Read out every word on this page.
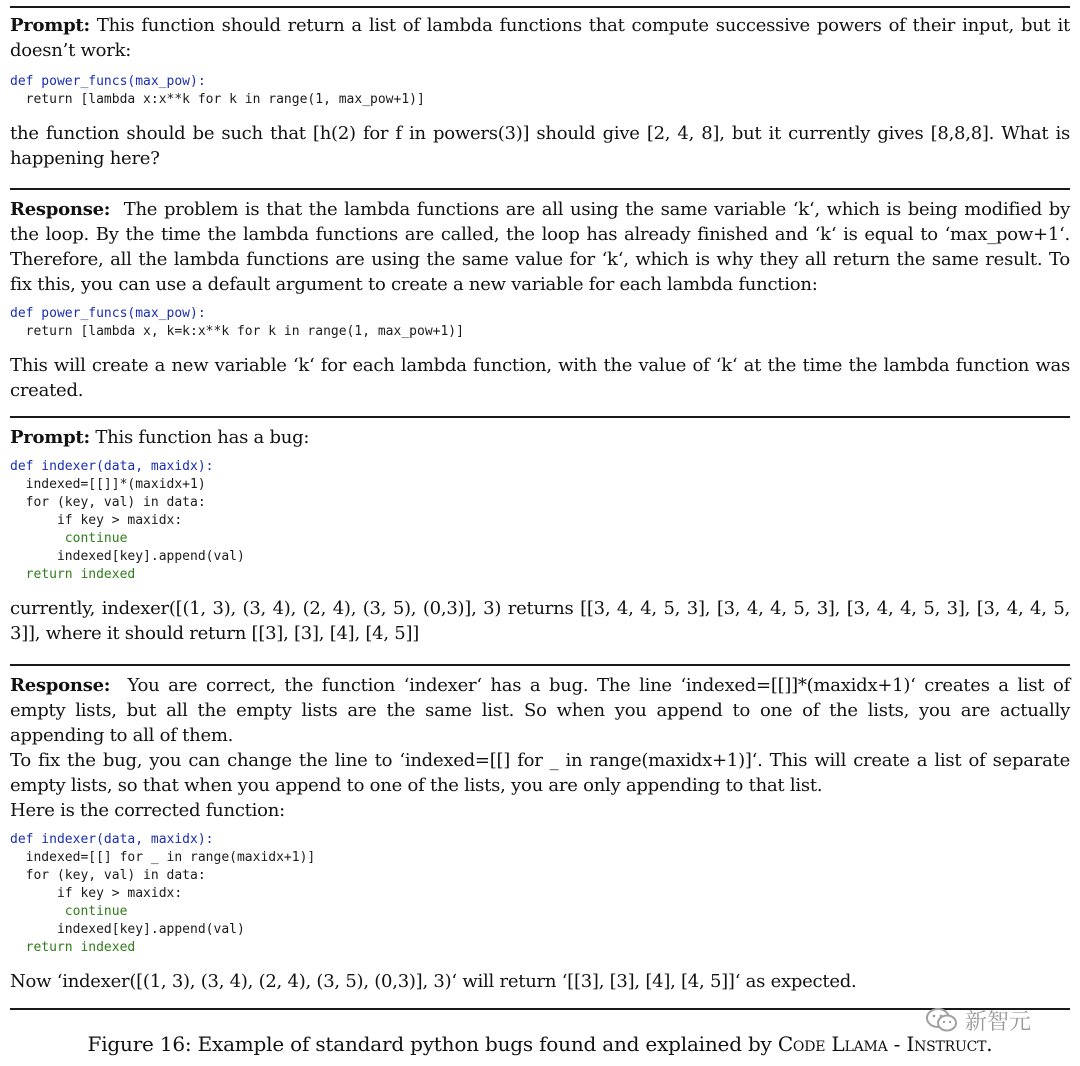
Prompt: This function should return a list of lambda functions that compute successive powers of their input, but it doesn’t work:

def power_funcs(max_pow):
return [lambda x:x**k for k in range(1, max_pow+1)]

the function should be such that [h(2) for f in powers(3)] should give [2, 4, 8], but it currently gives [8,8,8]. What is happening here?

Response: The problem is that the lambda functions are all using the same variable ‘k‘, which is being modified by the loop. By the time the lambda functions are called, the loop has already finished and ‘k‘ is equal to ‘max_pow+1‘. Therefore, all the lambda functions are using the same value for ‘k‘, which is why they all return the same result. To fix this, you can use a default argument to create a new variable for each lambda function:

def power_funcs(max_pow):
return [lambda x, k=k:x**k for k in range(1, max_pow+1)]

This will create a new variable ‘k‘ for each lambda function, with the value of ‘k‘ at the time the lambda function was created.

Prompt: This function has a bug:

def indexer(data, maxidx):
indexed=[[]]*(maxidx+1)
for (key, val) in data:
if key > maxidx:
continue
indexed[key].append(val)
return indexed

currently, indexer([(1, 3), (3, 4), (2, 4), (3, 5), (0,3)], 3) returns [[3, 4, 4, 5, 3], [3, 4, 4, 5, 3], [3, 4, 4, 5, 3], [3, 4, 4, 5, 3]], where it should return [[3], [3], [4], [4, 5]]

Response: You are correct, the function ‘indexer‘ has a bug. The line ‘indexed=[[]]*(maxidx+1)‘ creates a list of empty lists, but all the empty lists are the same list. So when you append to one of the lists, you are actually appending to all of them.

To fix the bug, you can change the line to ‘indexed=[[] for _ in range(maxidx+1)]‘. This will create a list of separate empty lists, so that when you append to one of the lists, you are only appending to that list.

Here is the corrected function:

def indexer(data, maxidx):
indexed=[[] for _ in range(maxidx+1)]
for (key, val) in data:
if key > maxidx:
continue
indexed[key].append(val)
return indexed

Now ‘indexer([(1, 3), (3, 4), (2, 4), (3, 5), (0,3)], 3)‘ will return ‘[[3], [3], [4], [4, 5]]‘ as expected.

新智元
Figure 16: Example of standard python bugs found and explained by Code Llama - Instruct.
